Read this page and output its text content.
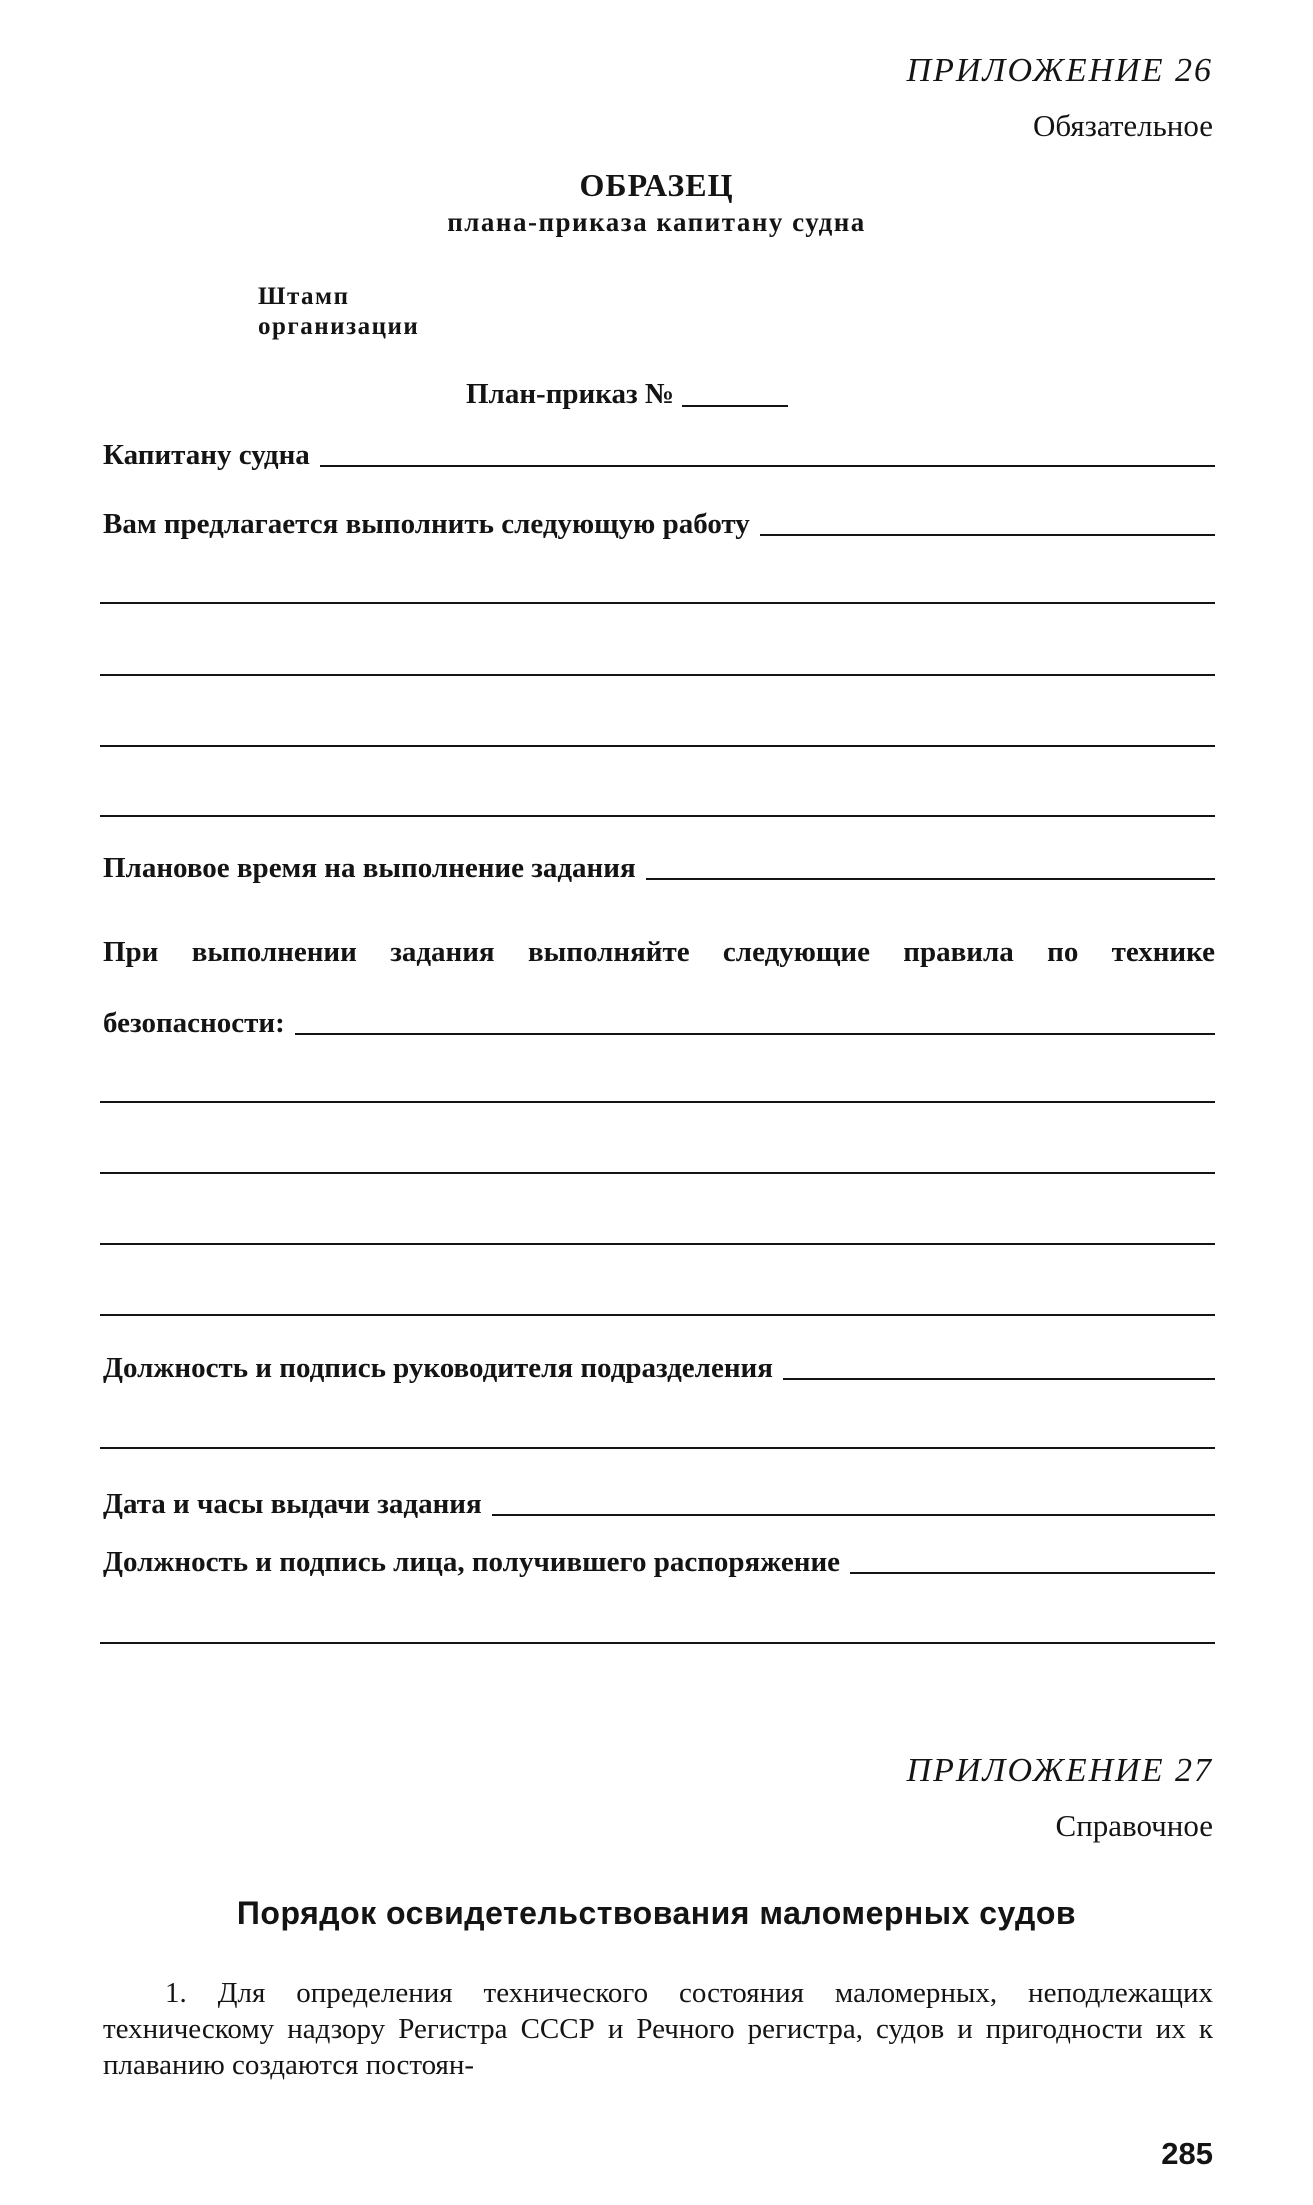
ПРИЛОЖЕНИЕ 26
Обязательное
ОБРАЗЕЦ
плана-приказа капитану судна
Штамп
организации
План-приказ №
Капитану судна
Вам предлагается выполнить следующую работу
Плановое время на выполнение задания
При выполнении задания выполняйте следующие правила по технике
безопасности:
Должность и подпись руководителя подразделения
Дата и часы выдачи задания
Должность и подпись лица, получившего распоряжение
ПРИЛОЖЕНИЕ 27
Справочное
Порядок освидетельствования маломерных судов

1. Для определения технического состояния маломерных, неподлежащих техническому надзору Регистра СССР и Речного регистра, судов и пригодности их к плаванию создаются постоян-

285
